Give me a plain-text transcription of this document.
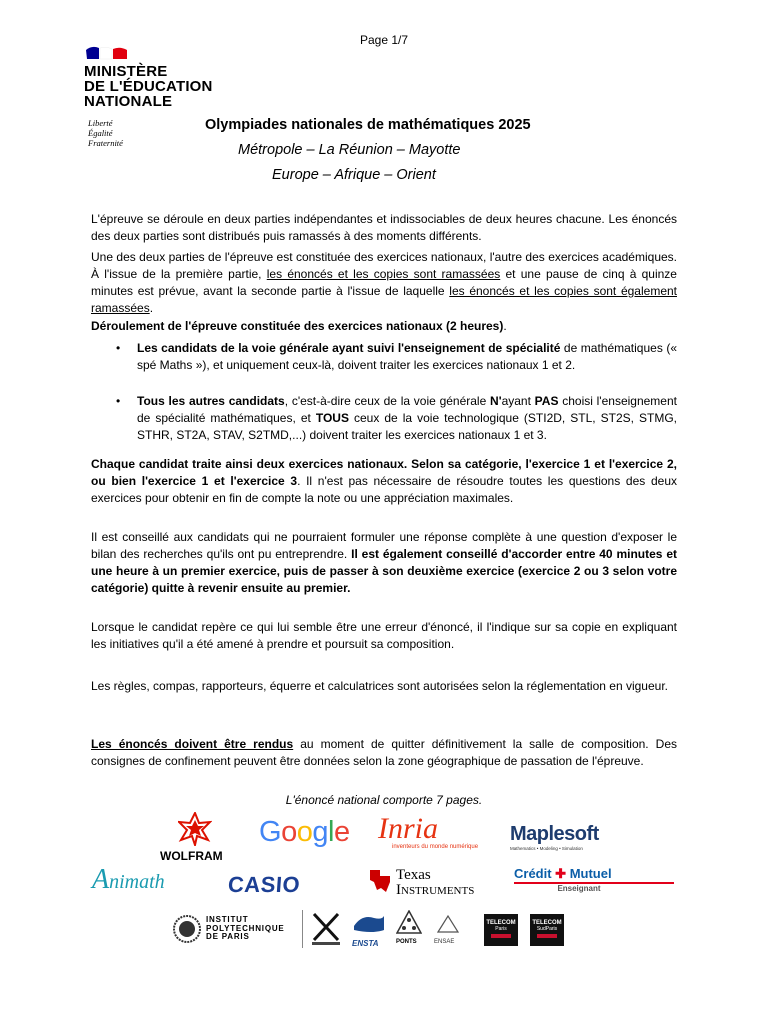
Page 1/7
MINISTÈRE
DE L'ÉDUCATION
NATIONALE
Liberté
Égalité
Fraternité
Olympiades nationales de mathématiques 2025
Métropole – La Réunion – Mayotte
Europe – Afrique – Orient
L'épreuve se déroule en deux parties indépendantes et indissociables de deux heures chacune. Les énoncés des deux parties sont distribués puis ramassés à des moments différents.
Une des deux parties de l'épreuve est constituée des exercices nationaux, l'autre des exercices académiques. À l'issue de la première partie, les énoncés et les copies sont ramassées et une pause de cinq à quinze minutes est prévue, avant la seconde partie à l'issue de laquelle les énoncés et les copies sont également ramassées.
Déroulement de l'épreuve constituée des exercices nationaux (2 heures).
• Les candidats de la voie générale ayant suivi l'enseignement de spécialité de mathématiques (« spé Maths »), et uniquement ceux-là, doivent traiter les exercices nationaux 1 et 2.
• Tous les autres candidats, c'est-à-dire ceux de la voie générale N'ayant PAS choisi l'enseignement de spécialité mathématiques, et TOUS ceux de la voie technologique (STI2D, STL, ST2S, STMG, STHR, ST2A, STAV, S2TMD,...) doivent traiter les exercices nationaux 1 et 3.
Chaque candidat traite ainsi deux exercices nationaux. Selon sa catégorie, l'exercice 1 et l'exercice 2, ou bien l'exercice 1 et l'exercice 3. Il n'est pas nécessaire de résoudre toutes les questions des deux exercices pour obtenir en fin de compte la note ou une appréciation maximales.
Il est conseillé aux candidats qui ne pourraient formuler une réponse complète à une question d'exposer le bilan des recherches qu'ils ont pu entreprendre. Il est également conseillé d'accorder entre 40 minutes et une heure à un premier exercice, puis de passer à son deuxième exercice (exercice 2 ou 3 selon votre catégorie) quitte à revenir ensuite au premier.
Lorsque le candidat repère ce qui lui semble être une erreur d'énoncé, il l'indique sur sa copie en expliquant les initiatives qu'il a été amené à prendre et poursuit sa composition.
Les règles, compas, rapporteurs, équerre et calculatrices sont autorisées selon la réglementation en vigueur.
Les énoncés doivent être rendus au moment de quitter définitivement la salle de composition. Des consignes de confinement peuvent être données selon la zone géographique de passation de l'épreuve.
L'énoncé national comporte 7 pages.
WOLFRAM
Google Inria
inventeurs du monde numérique
Maplesoft
Mathematics • Modeling • Simulation
Animath	CASIO	Texas
Instruments
Crédit ✚ Mutuel
Enseignant
INSTITUT
POLYTECHNIQUE
DE PARIS
ENSTA	PONTS	ENSAE
TELECOM
Paris
TELECOM
SudParis
